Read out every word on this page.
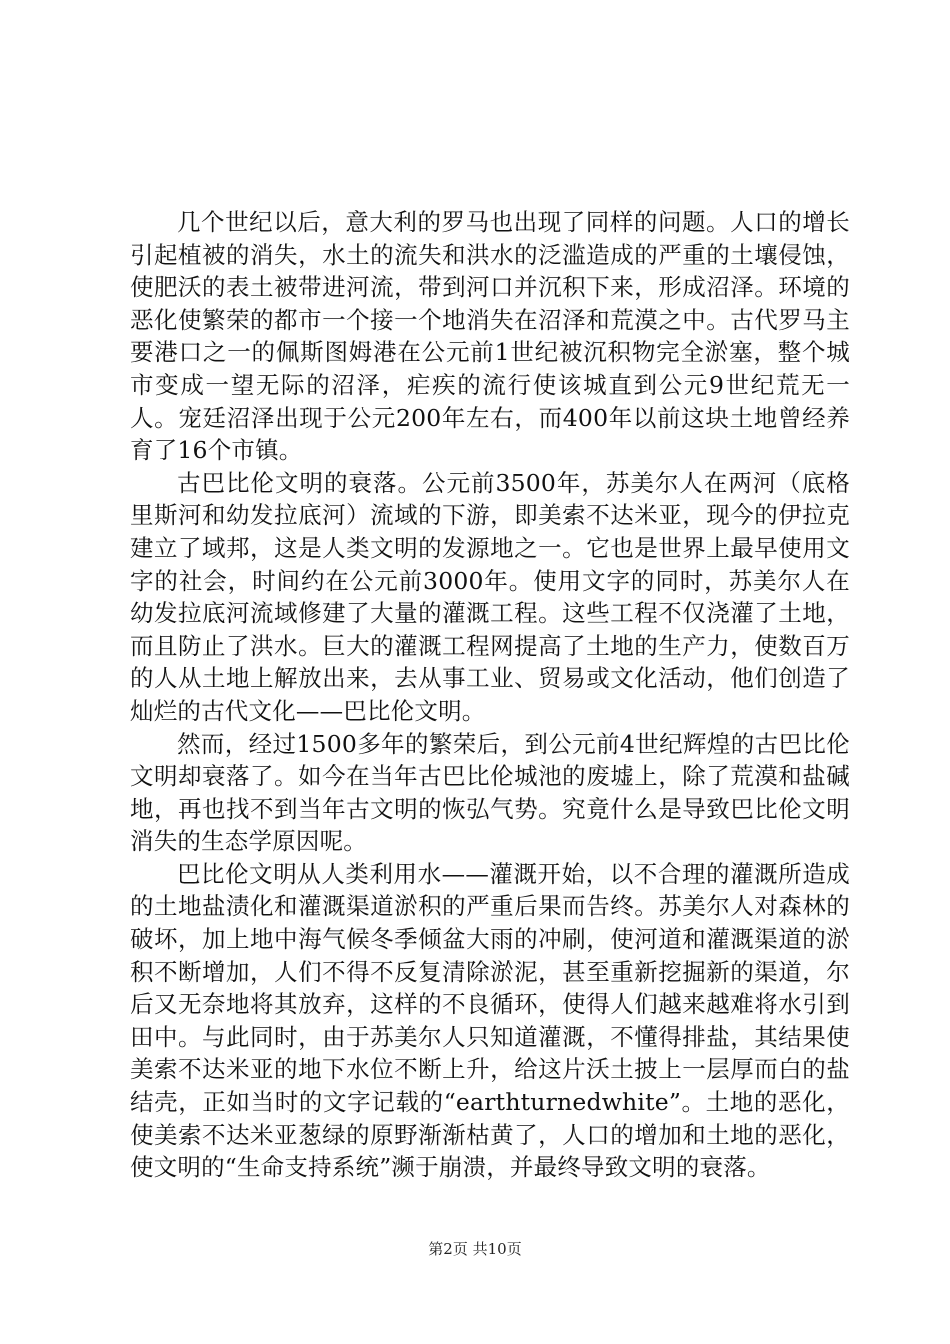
几个世纪以后，意大利的罗马也出现了同样的问题。人口的增长引起植被的消失，水土的流失和洪水的泛滥造成的严重的土壤侵蚀，使肥沃的表土被带进河流，带到河口并沉积下来，形成沼泽。环境的恶化使繁荣的都市一个接一个地消失在沼泽和荒漠之中。古代罗马主要港口之一的佩斯图姆港在公元前1世纪被沉积物完全淤塞，整个城市变成一望无际的沼泽，疟疾的流行使该城直到公元9世纪荒无一人。宠廷沼泽出现于公元200年左右，而400年以前这块土地曾经养育了16个市镇。

古巴比伦文明的衰落。公元前3500年，苏美尔人在两河（底格里斯河和幼发拉底河）流域的下游，即美索不达米亚，现今的伊拉克建立了域邦，这是人类文明的发源地之一。它也是世界上最早使用文字的社会，时间约在公元前3000年。使用文字的同时，苏美尔人在幼发拉底河流域修建了大量的灌溉工程。这些工程不仅浇灌了土地，而且防止了洪水。巨大的灌溉工程网提高了土地的生产力，使数百万的人从土地上解放出来，去从事工业、贸易或文化活动，他们创造了灿烂的古代文化——巴比伦文明。

然而，经过1500多年的繁荣后，到公元前4世纪辉煌的古巴比伦文明却衰落了。如今在当年古巴比伦城池的废墟上，除了荒漠和盐碱地，再也找不到当年古文明的恢弘气势。究竟什么是导致巴比伦文明消失的生态学原因呢。

巴比伦文明从人类利用水——灌溉开始，以不合理的灌溉所造成的土地盐渍化和灌溉渠道淤积的严重后果而告终。苏美尔人对森林的破坏，加上地中海气候冬季倾盆大雨的冲刷，使河道和灌溉渠道的淤积不断增加，人们不得不反复清除淤泥，甚至重新挖掘新的渠道，尔后又无奈地将其放弃，这样的不良循环，使得人们越来越难将水引到田中。与此同时，由于苏美尔人只知道灌溉，不懂得排盐，其结果使美索不达米亚的地下水位不断上升，给这片沃土披上一层厚而白的盐结壳，正如当时的文字记载的“earthturnedwhite”。土地的恶化，使美索不达米亚葱绿的原野渐渐枯黄了，人口的增加和土地的恶化，使文明的“生命支持系统”濒于崩溃，并最终导致文明的衰落。

第2页 共10页
